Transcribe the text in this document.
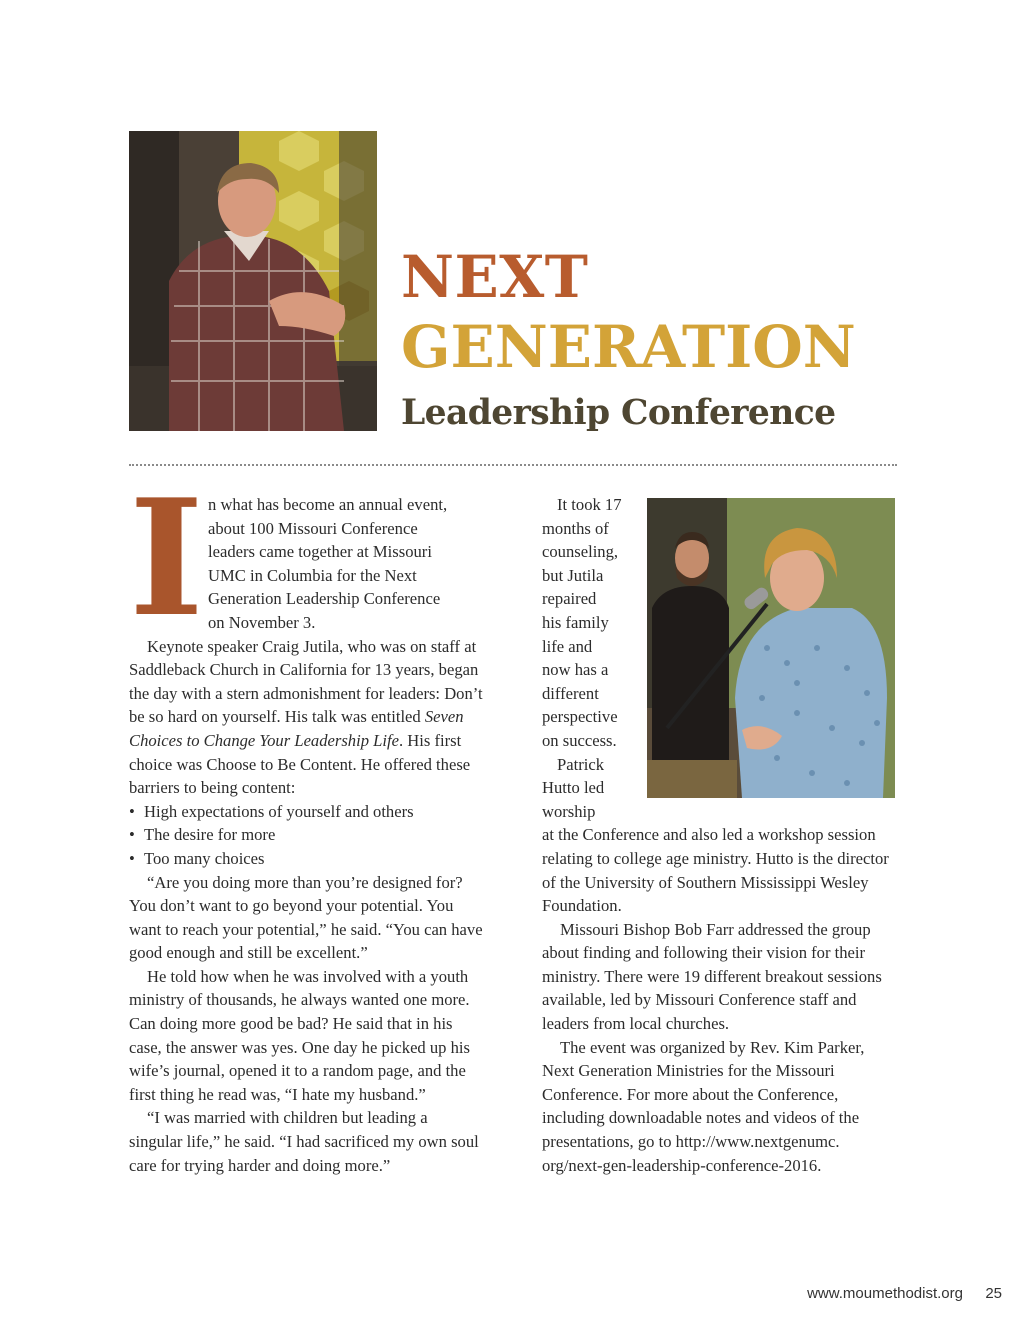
NEXT
GENERATION
Leadership Conference
I n what has become an annual event,
about 100 Missouri Conference
leaders came together at Missouri
UMC in Columbia for the Next
Generation Leadership Conference
on November 3.

Keynote speaker Craig Jutila, who was on staff at Saddleback Church in California for 13 years, began the day with a stern admonishment for leaders: Don’t be so hard on yourself. His talk was entitled Seven Choices to Change Your Leadership Life. His first choice was Choose to Be Content. He offered these barriers to being content:

• High expectations of yourself and others
• The desire for more
• Too many choices

“Are you doing more than you’re designed for? You don’t want to go beyond your potential. You want to reach your potential,” he said. “You can have good enough and still be excellent.”

He told how when he was involved with a youth ministry of thousands, he always wanted one more. Can doing more good be bad? He said that in his case, the answer was yes. One day he picked up his wife’s journal, opened it to a random page, and the first thing he read was, “I hate my husband.”

“I was married with children but leading a singular life,” he said. “I had sacrificed my own soul care for trying harder and doing more.”

It took 17
months of
counseling,
but Jutila
repaired
his family
life and
now has a
different
perspective
on success.
Patrick
Hutto led
worship

at the Conference and also led a workshop session relating to college age ministry. Hutto is the director of the University of Southern Mississippi Wesley Foundation.

Missouri Bishop Bob Farr addressed the group about finding and following their vision for their ministry. There were 19 different breakout sessions available, led by Missouri Conference staff and leaders from local churches.

The event was organized by Rev. Kim Parker, Next Generation Ministries for the Missouri Conference. For more about the Conference, including downloadable notes and videos of the presentations, go to http://www.nextgenumc. org/next-gen-leadership-conference-2016.

www.moumethodist.org 25
